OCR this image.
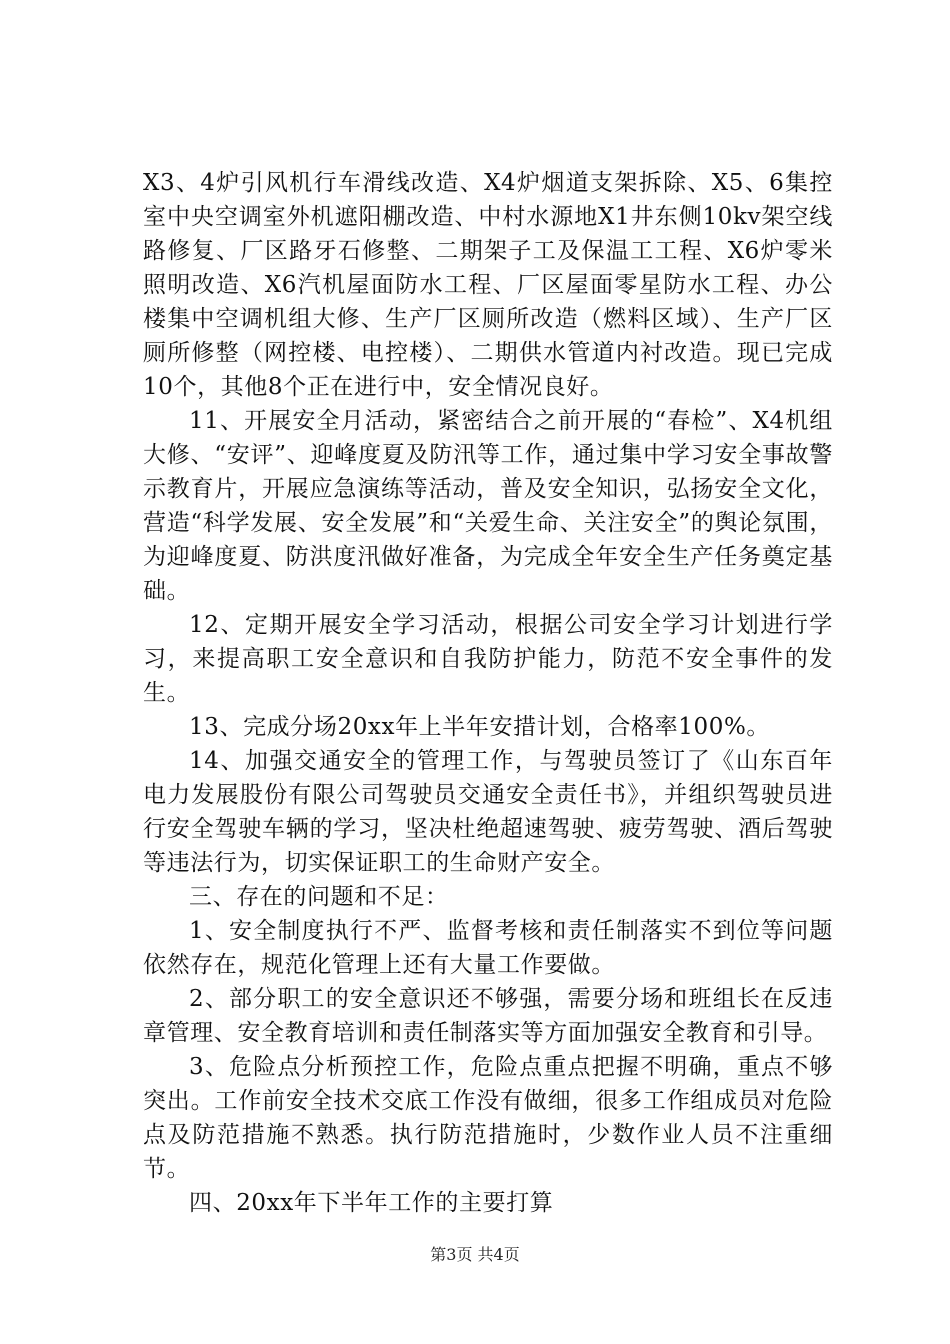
X3、4炉引风机行车滑线改造、X4炉烟道支架拆除、X5、6集控室中央空调室外机遮阳棚改造、中村水源地X1井东侧10kv架空线路修复、厂区路牙石修整、二期架子工及保温工工程、X6炉零米照明改造、X6汽机屋面防水工程、厂区屋面零星防水工程、办公楼集中空调机组大修、生产厂区厕所改造（燃料区域）、生产厂区厕所修整（网控楼、电控楼）、二期供水管道内衬改造。现已完成10个，其他8个正在进行中，安全情况良好。

11、开展安全月活动，紧密结合之前开展的“春检”、X4机组大修、“安评”、迎峰度夏及防汛等工作，通过集中学习安全事故警示教育片，开展应急演练等活动，普及安全知识，弘扬安全文化，营造“科学发展、安全发展”和“关爱生命、关注安全”的舆论氛围，为迎峰度夏、防洪度汛做好准备，为完成全年安全生产任务奠定基础。

12、定期开展安全学习活动，根据公司安全学习计划进行学习，来提高职工安全意识和自我防护能力，防范不安全事件的发生。

13、完成分场20xx年上半年安措计划，合格率100%。

14、加强交通安全的管理工作，与驾驶员签订了《山东百年电力发展股份有限公司驾驶员交通安全责任书》，并组织驾驶员进行安全驾驶车辆的学习，坚决杜绝超速驾驶、疲劳驾驶、酒后驾驶等违法行为，切实保证职工的生命财产安全。

三、存在的问题和不足：

1、安全制度执行不严、监督考核和责任制落实不到位等问题依然存在，规范化管理上还有大量工作要做。

2、部分职工的安全意识还不够强，需要分场和班组长在反违章管理、安全教育培训和责任制落实等方面加强安全教育和引导。

3、危险点分析预控工作，危险点重点把握不明确，重点不够突出。工作前安全技术交底工作没有做细，很多工作组成员对危险点及防范措施不熟悉。执行防范措施时，少数作业人员不注重细节。

四、20xx年下半年工作的主要打算

第3页 共4页
